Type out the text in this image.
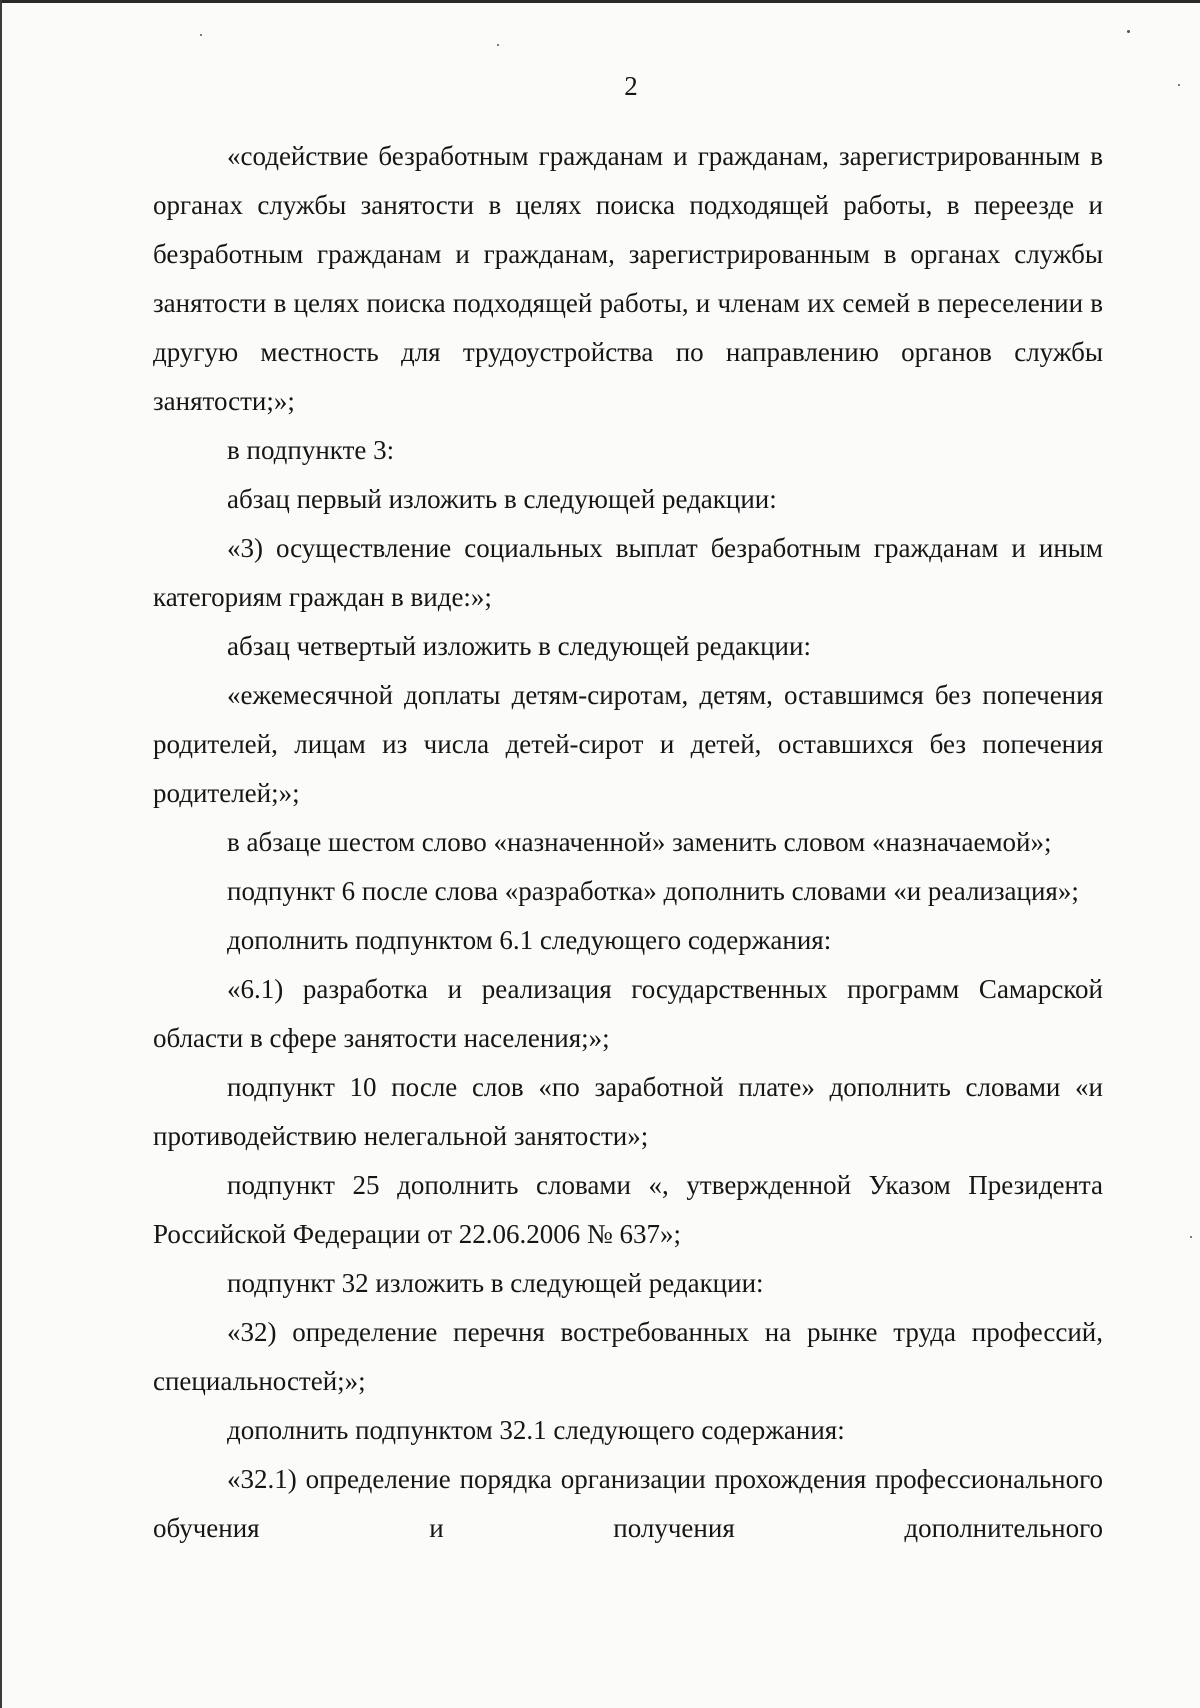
2

«содействие безработным гражданам и гражданам, зарегистрированным в органах службы занятости в целях поиска подходящей работы, в переезде и безработным гражданам и гражданам, зарегистрированным в органах службы занятости в целях поиска подходящей работы, и членам их семей в переселении в другую местность для трудоустройства по направлению органов службы занятости;»;

в подпункте 3:

абзац первый изложить в следующей редакции:

«3) осуществление социальных выплат безработным гражданам и иным категориям граждан в виде:»;

абзац четвертый изложить в следующей редакции:

«ежемесячной доплаты детям-сиротам, детям, оставшимся без попечения родителей, лицам из числа детей-сирот и детей, оставшихся без попечения родителей;»;

в абзаце шестом слово «назначенной» заменить словом «назначаемой»;

подпункт 6 после слова «разработка» дополнить словами «и реализация»;

дополнить подпунктом 6.1 следующего содержания:

«6.1) разработка и реализация государственных программ Самарской области в сфере занятости населения;»;

подпункт 10 после слов «по заработной плате» дополнить словами «и противодействию нелегальной занятости»;

подпункт 25 дополнить словами «, утвержденной Указом Президента Российской Федерации от 22.06.2006 № 637»;

подпункт 32 изложить в следующей редакции:

«32) определение перечня востребованных на рынке труда профессий, специальностей;»;

дополнить подпунктом 32.1 следующего содержания:

«32.1) определение порядка организации прохождения профессионального обучения и получения дополнительного
